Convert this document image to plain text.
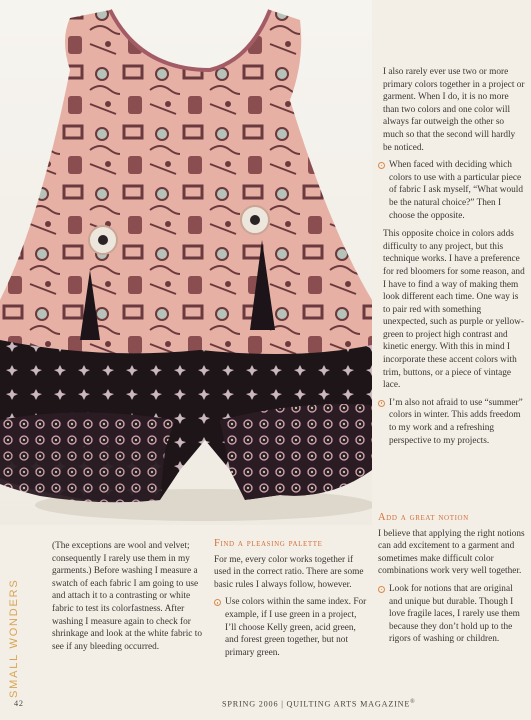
I also rarely ever use two or more primary colors together in a project or garment. When I do, it is no more than two colors and one color will always far outweigh the other so much so that the second will hardly be noticed.

When faced with deciding which colors to use with a particular piece of fabric I ask myself, “What would be the natural choice?” Then I choose the opposite.

This opposite choice in colors adds difficulty to any project, but this technique works. I have a preference for red bloomers for some reason, and I have to find a way of making them look different each time. One way is to pair red with something unexpected, such as purple or yellow-green to project high contrast and kinetic energy. With this in mind I incorporate these accent colors with trim, buttons, or a piece of vintage lace.

I’m also not afraid to use “summer” colors in winter. This adds freedom to my work and a refreshing perspective to my projects.
Add a great notion

I believe that applying the right notions can add excitement to a garment and sometimes make difficult color combinations work very well together.

Look for notions that are original and unique but durable. Though I love fragile laces, I rarely use them because they don’t hold up to the rigors of washing or children.
SMALL WONDERS

(The exceptions are wool and velvet; consequently I rarely use them in my garments.) Before washing I measure a swatch of each fabric I am going to use and attach it to a contrasting or white fabric to test its colorfastness. After washing I measure again to check for shrinkage and look at the white fabric to see if any bleeding occurred.

Find a pleasing palette

For me, every color works together if used in the correct ratio. There are some basic rules I always follow, however.

Use colors within the same index. For example, if I use green in a project, I’ll choose Kelly green, acid green, and forest green together, but not primary green.
42	SPRING 2006 | QUILTING ARTS MAGAZINE®
